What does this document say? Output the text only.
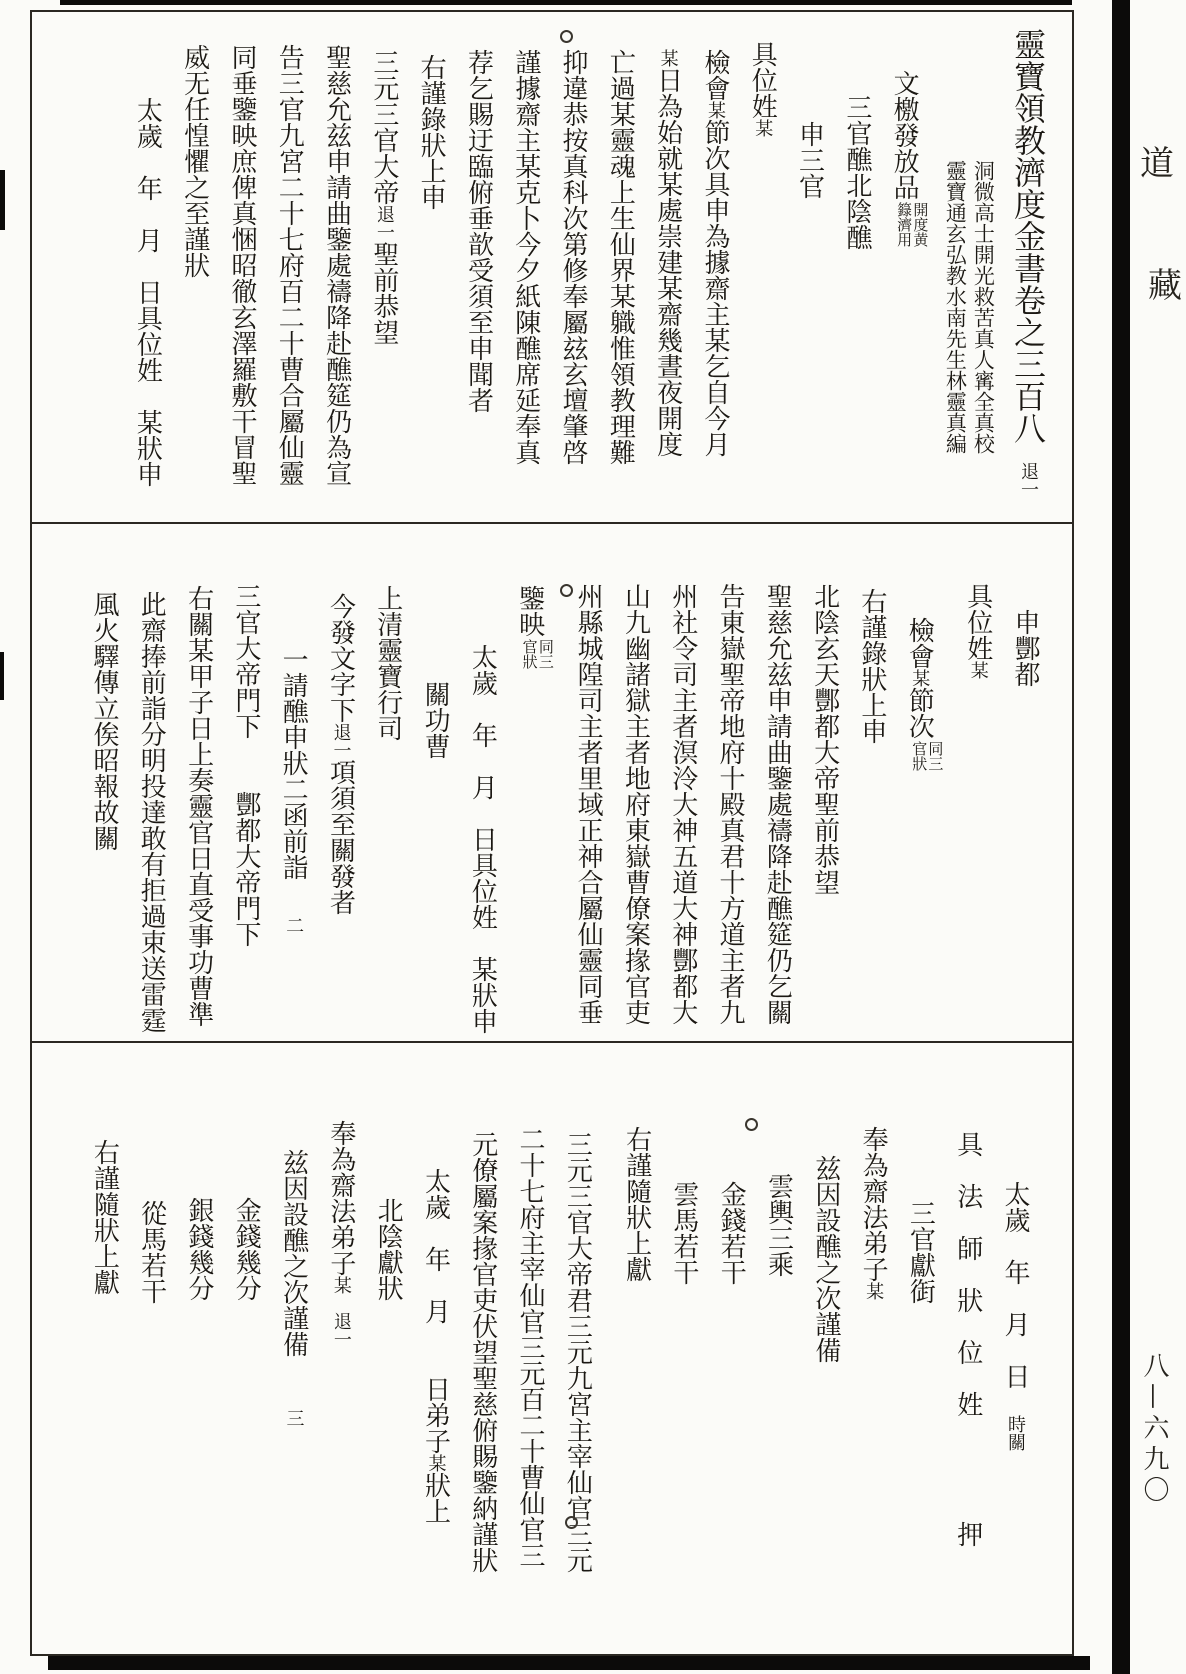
靈寶領教濟度金書卷之三百八　退一
洞微高士開光救苦真人寗全真校
靈寶通玄弘教水南先生林靈真編
文檄發放品
開度黄
籙濟用
三官醮北陰醮
申三官
具位姓某
檢會某節次具申為據齋主某乞自今月
某日為始就某處崇建某齋幾晝夜開度
亡過某靈魂上生仙界某軄惟領教理難
抑違恭按真科次第修奉屬玆玄壇肇啓
謹據齋主某克卜今夕紙陳醮席延奉真
荐乞賜迂臨俯垂歆受須至申聞者
右謹錄狀上申
三元三官大帝退一聖前恭望
聖慈允兹申請曲鑒處禱降赴醮筵仍為宣
告三官九宮二十七府百二十曹合屬仙靈
同垂鑒映庶俾真悃昭徹玄澤羅敷干冒聖
威无任惶懼之至謹狀
太歲　年　月　日具位姓　某狀申
申酆都
具位姓某
檢會某節次
同三
官狀
右謹錄狀上申
北陰玄天酆都大帝聖前恭望
聖慈允兹申請曲鑒處禱降赴醮筵仍乞關
告東嶽聖帝地府十殿真君十方道主者九
州社令司主者溟泠大神五道大神酆都大
山九幽諸獄主者地府東嶽曹僚案掾官吏
州縣城隍司主者里域正神合屬仙靈同垂
鑒映
同三
官狀
太歲　年　月　日具位姓　某狀申
關功曹
上清靈寶行司
今發文字下退一項須至關發者
一請醮申狀二函前詣　　二
三官大帝門下　　酆都大帝門下
右關某甲子日上奏靈官日直受事功曹準
此齋捧前詣分明投達敢有拒過束送雷霆
風火驛傳立俟昭報故關
太歲　年　月　日　時關
具　法　師　狀　位　姓　　　　押
三官獻衘
奉為齋法弟子某
兹因設醮之次謹備
雲輿三乘
金錢若干
雲馬若干
右謹隨狀上獻
三元三官大帝君三元九宮主宰仙官三元
二十七府主宰仙官三元百二十曹仙官三
元僚屬案掾官吏伏望聖慈俯賜鑒納謹狀
太歲　年　月　　日弟子某狀上
北陰獻狀
奉為齋法弟子某　退一
兹因設醮之次謹備　　三
金錢幾分
銀錢幾分
從馬若干
右謹隨狀上獻
道
藏
八—六九〇
